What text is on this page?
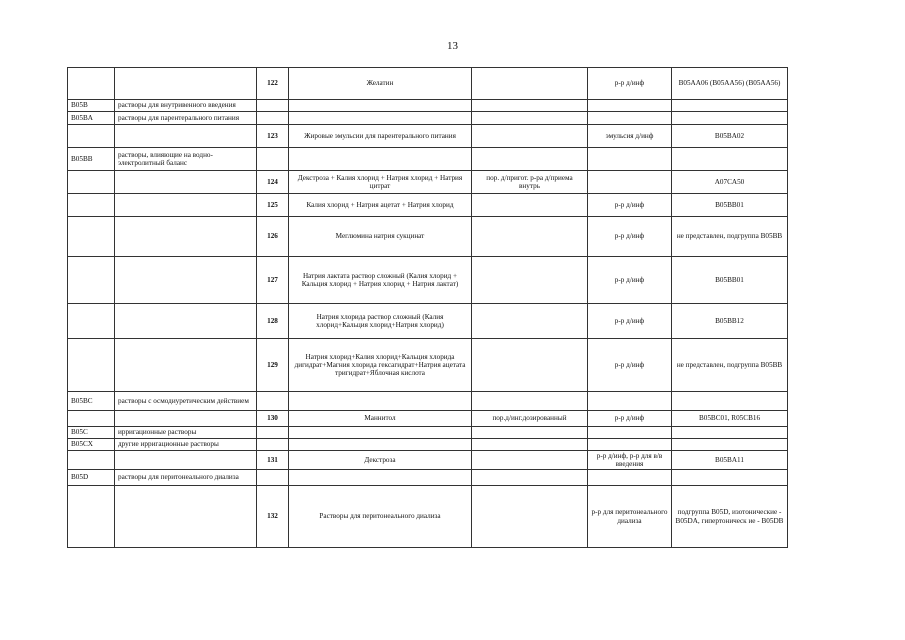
13
		122	Желатин		р-р д/инф	B05AA06 (B05AA56) (B05AA56)
B05B	растворы для внутривенного введения					
B05BA	растворы для парентерального питания					
		123	Жировые эмульсии для парентерального питания		эмульсия д/инф	B05BA02
B05BB	растворы, влияющие на водно-электролитный баланс					
		124	Декстроза + Калия хлорид + Натрия хлорид + Натрия цитрат	пор. д/пригот. р-ра д/приема внутрь		A07CA50
		125	Калия хлорид + Натрия ацетат + Натрия хлорид		р-р д/инф	B05BB01
		126	Меглюмина натрия сукцинат		р-р д/инф	не представлен, подгруппа B05BB
		127	Натрия лактата раствор сложный (Калия хлорид + Кальция хлорид + Натрия хлорид + Натрия лактат)		р-р д/инф	B05BB01
		128	Натрия хлорида раствор сложный (Калия хлорид+Кальция хлорид+Натрия хлорид)		р-р д/инф	B05BB12
		129	Натрия хлорид+Калия хлорид+Кальция хлорида дигидрат+Магния хлорида гексагидрат+Натрия ацетата тригидрат+Яблочная кислота		р-р д/инф	не представлен, подгруппа B05BB
B05BC	растворы с осмодиуретическим действием					
		130	Маннитол	пор.д/инг.дозированный	р-р д/инф	B05BC01, R05CB16
B05C	ирригационные растворы					
B05CX	другие ирригационные растворы					
		131	Декстроза		р-р д/инф, р-р для в/в введения	B05BA11
B05D	растворы для перитонеального диализа					
		132	Растворы для перитонеального диализа		р-р для перитонеального диализа	подгруппа B05D, изотонические - B05DA, гипертоничеcк ие - B05DB
